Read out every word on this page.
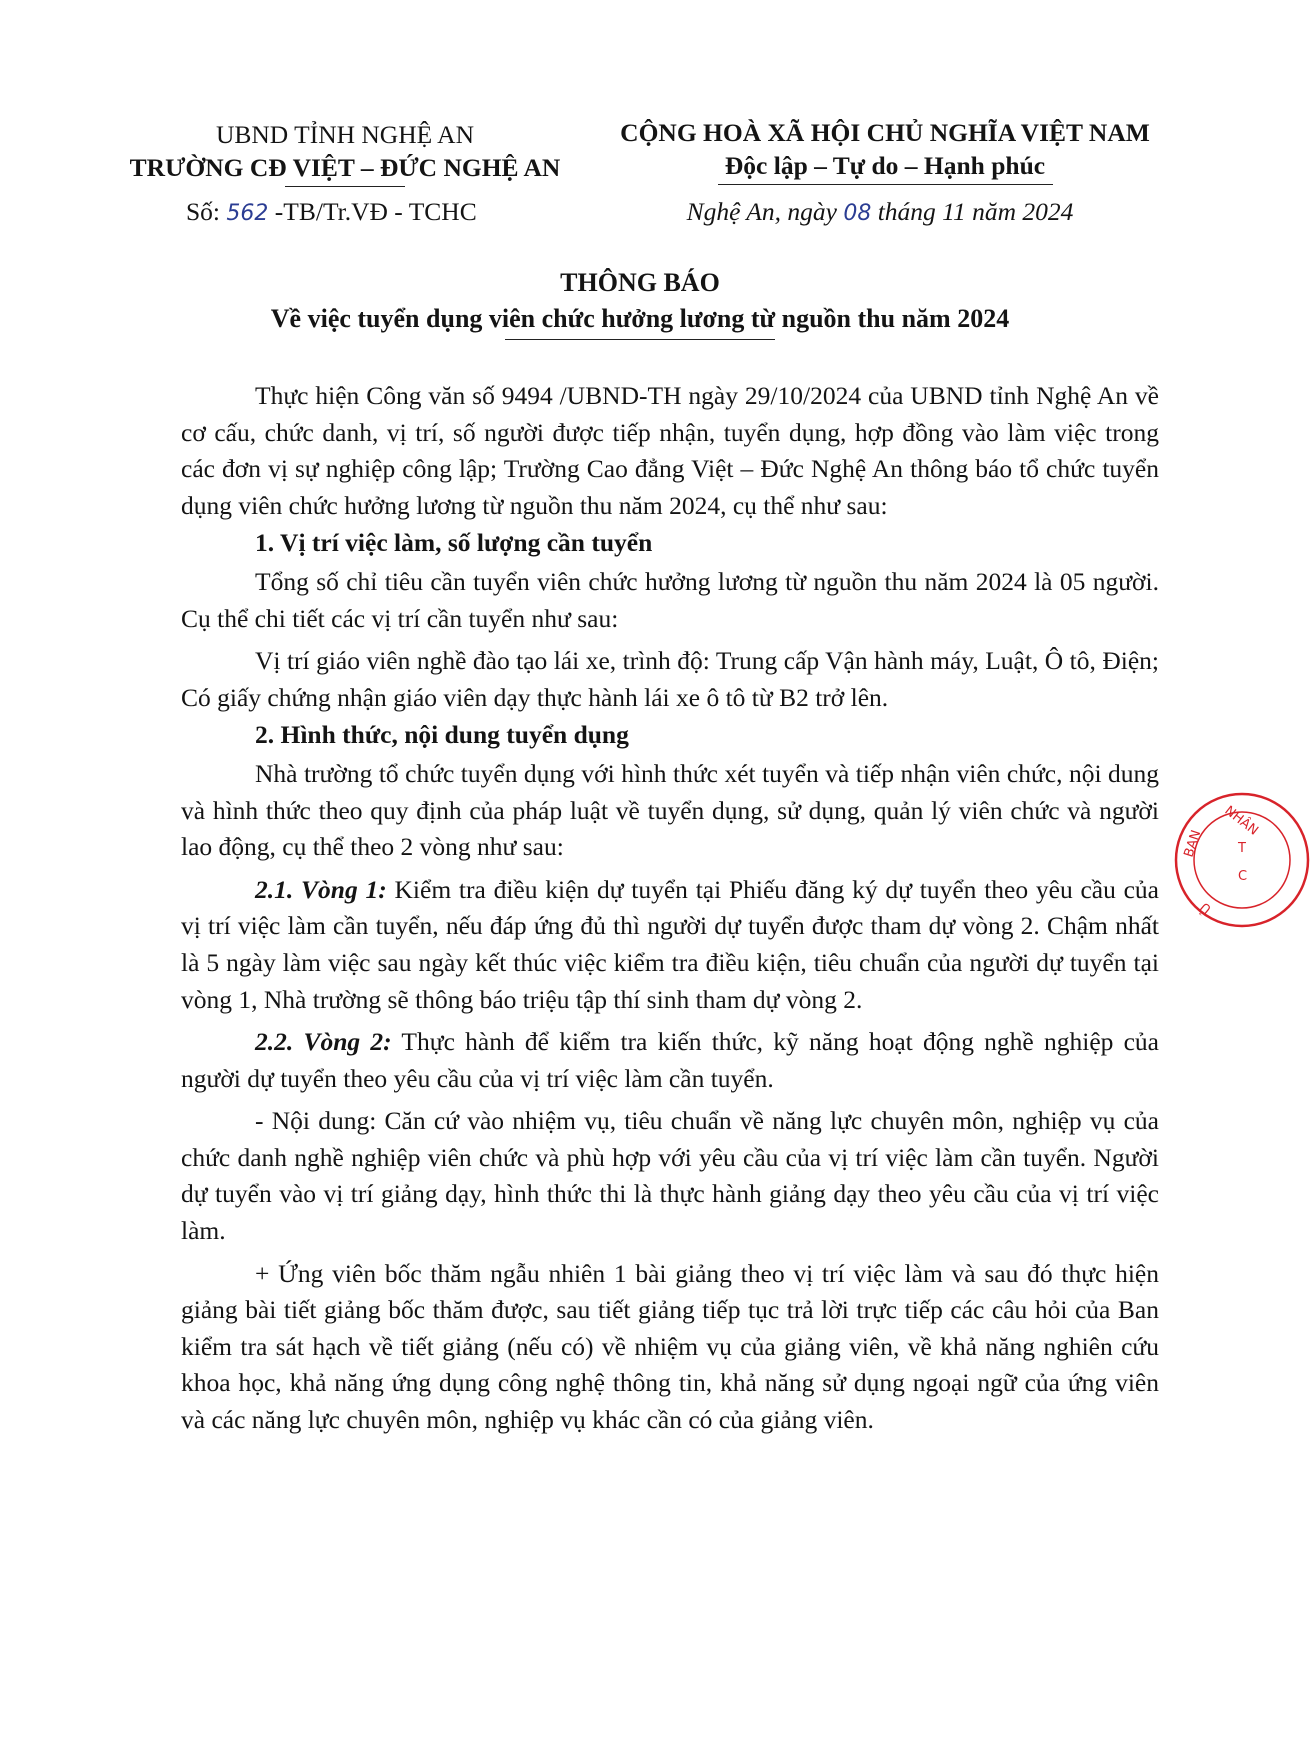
UBND TỈNH NGHỆ AN
TRƯỜNG CĐ VIỆT – ĐỨC NGHỆ AN
CỘNG HOÀ XÃ HỘI CHỦ NGHĨA VIỆT NAM
Độc lập – Tự do – Hạnh phúc
Số: 562 -TB/Tr.VĐ - TCHC	Nghệ An, ngày 08 tháng 11 năm 2024
THÔNG BÁO
Về việc tuyển dụng viên chức hưởng lương từ nguồn thu năm 2024

Thực hiện Công văn số 9494 /UBND-TH ngày 29/10/2024 của UBND tỉnh Nghệ An về cơ cấu, chức danh, vị trí, số người được tiếp nhận, tuyển dụng, hợp đồng vào làm việc trong các đơn vị sự nghiệp công lập; Trường Cao đẳng Việt – Đức Nghệ An thông báo tổ chức tuyển dụng viên chức hưởng lương từ nguồn thu năm 2024, cụ thể như sau:

1. Vị trí việc làm, số lượng cần tuyển

Tổng số chỉ tiêu cần tuyển viên chức hưởng lương từ nguồn thu năm 2024 là 05 người. Cụ thể chi tiết các vị trí cần tuyển như sau:

Vị trí giáo viên nghề đào tạo lái xe, trình độ: Trung cấp Vận hành máy, Luật, Ô tô, Điện; Có giấy chứng nhận giáo viên dạy thực hành lái xe ô tô từ B2 trở lên.

2. Hình thức, nội dung tuyển dụng

Nhà trường tổ chức tuyển dụng với hình thức xét tuyển và tiếp nhận viên chức, nội dung và hình thức theo quy định của pháp luật về tuyển dụng, sử dụng, quản lý viên chức và người lao động, cụ thể theo 2 vòng như sau:

2.1. Vòng 1: Kiểm tra điều kiện dự tuyển tại Phiếu đăng ký dự tuyển theo yêu cầu của vị trí việc làm cần tuyển, nếu đáp ứng đủ thì người dự tuyển được tham dự vòng 2. Chậm nhất là 5 ngày làm việc sau ngày kết thúc việc kiểm tra điều kiện, tiêu chuẩn của người dự tuyển tại vòng 1, Nhà trường sẽ thông báo triệu tập thí sinh tham dự vòng 2.

2.2. Vòng 2: Thực hành để kiểm tra kiến thức, kỹ năng hoạt động nghề nghiệp của người dự tuyển theo yêu cầu của vị trí việc làm cần tuyển.

- Nội dung: Căn cứ vào nhiệm vụ, tiêu chuẩn về năng lực chuyên môn, nghiệp vụ của chức danh nghề nghiệp viên chức và phù hợp với yêu cầu của vị trí việc làm cần tuyển. Người dự tuyển vào vị trí giảng dạy, hình thức thi là thực hành giảng dạy theo yêu cầu của vị trí việc làm.

+ Ứng viên bốc thăm ngẫu nhiên 1 bài giảng theo vị trí việc làm và sau đó thực hiện giảng bài tiết giảng bốc thăm được, sau tiết giảng tiếp tục trả lời trực tiếp các câu hỏi của Ban kiểm tra sát hạch về tiết giảng (nếu có) về nhiệm vụ của giảng viên, về khả năng nghiên cứu khoa học, khả năng ứng dụng công nghệ thông tin, khả năng sử dụng ngoại ngữ của ứng viên và các năng lực chuyên môn, nghiệp vụ khác cần có của giảng viên.

BAN
NHÂN
Ủ
T
C
